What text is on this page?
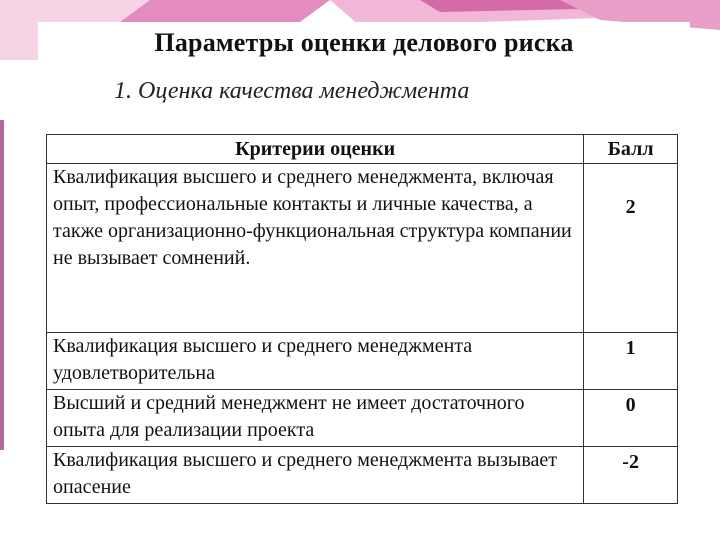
Параметры оценки делового риска
1. Оценка качества менеджмента
Критерии оценки	Балл
Квалификация высшего и среднего менеджмента, включая опыт, профессиональные контакты и личные качества, а также организационно-функциональная структура компании не вызывает сомнений.	2
Квалификация высшего и среднего менеджмента удовлетворительна	1
Высший и средний менеджмент не имеет достаточного опыта для реализации проекта	0
Квалификация высшего и среднего менеджмента вызывает опасение	-2
